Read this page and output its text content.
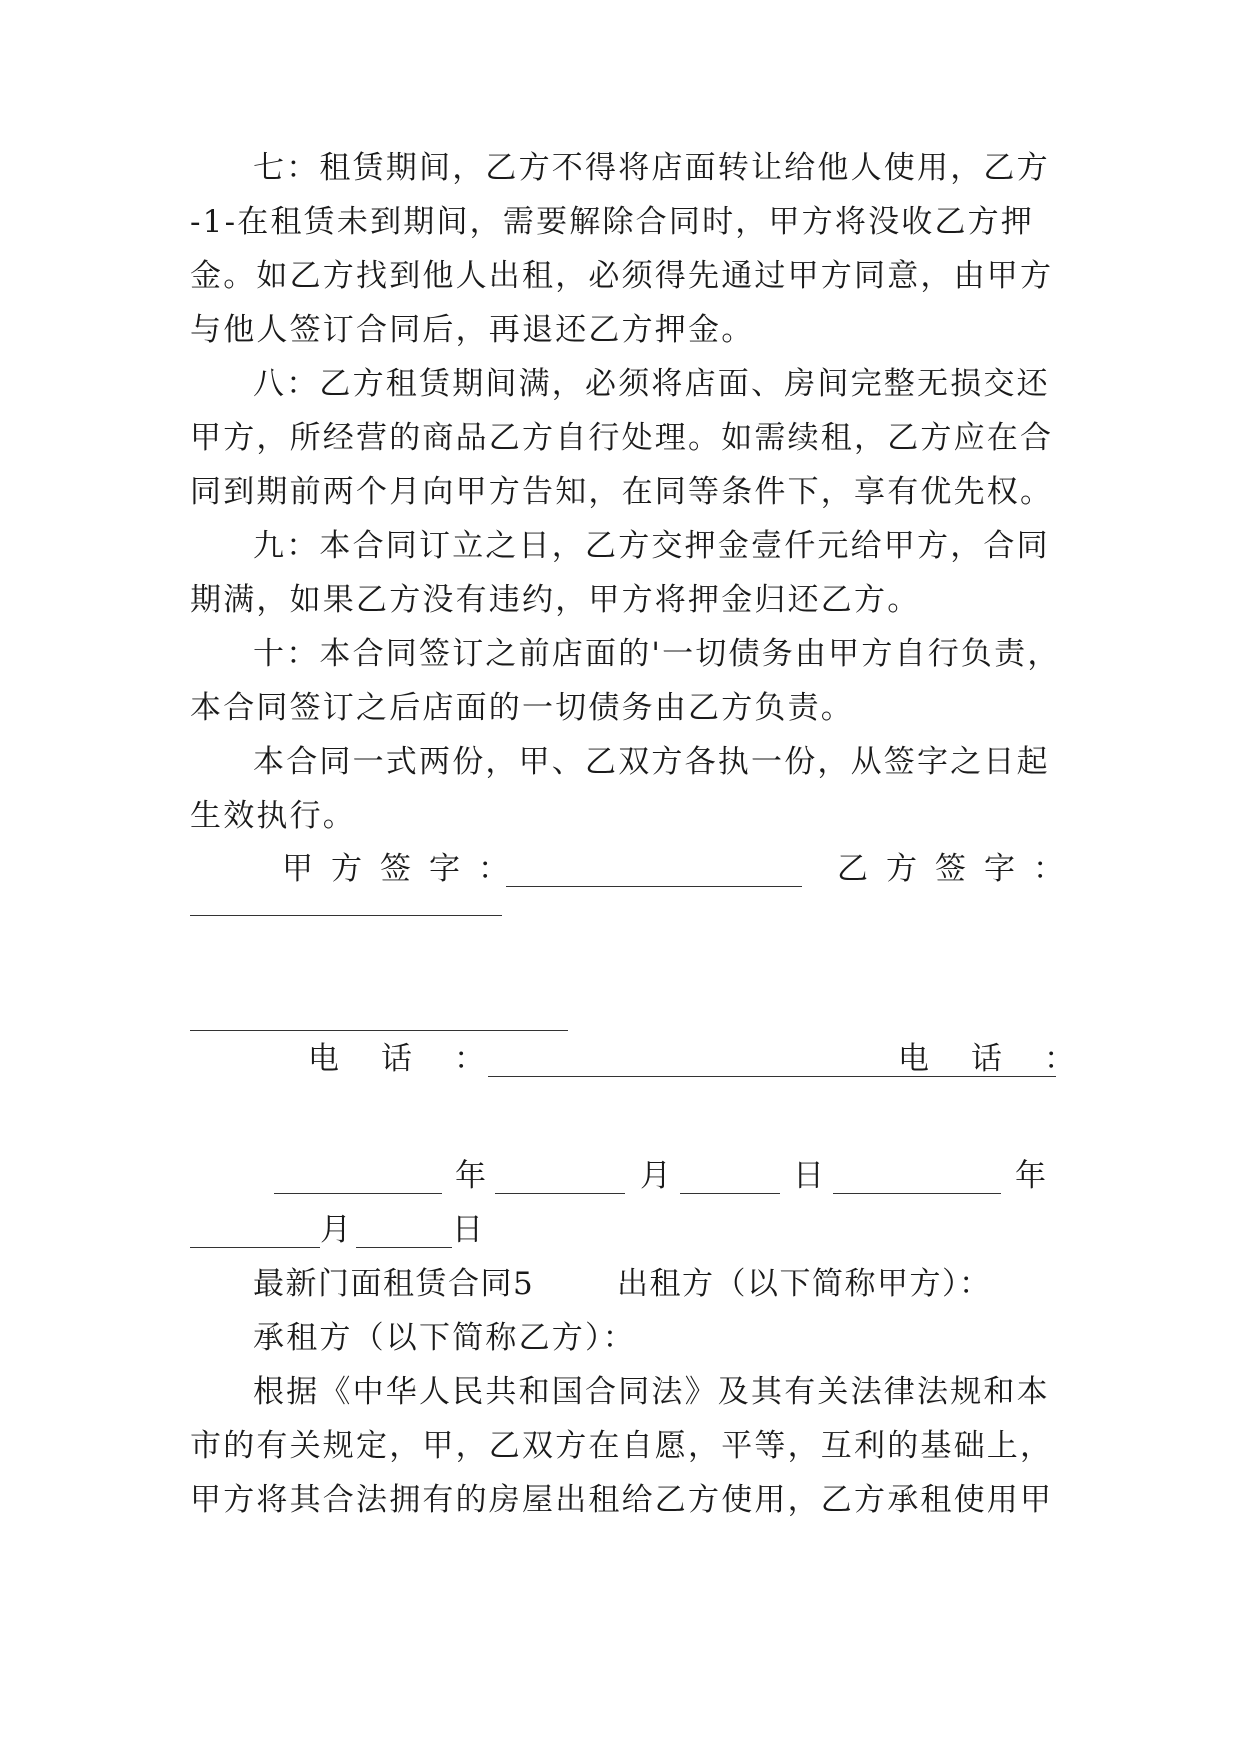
七：租赁期间，乙方不得将店面转让给他人使用，乙方
-1-在租赁未到期间，需要解除合同时，甲方将没收乙方押
金。如乙方找到他人出租，必须得先通过甲方同意，由甲方
与他人签订合同后，再退还乙方押金。
八：乙方租赁期间满，必须将店面、房间完整无损交还
甲方，所经营的商品乙方自行处理。如需续租，乙方应在合
同到期前两个月向甲方告知，在同等条件下，享有优先权。
九：本合同订立之日，乙方交押金壹仟元给甲方，合同
期满，如果乙方没有违约，甲方将押金归还乙方。
十：本合同签订之前店面的'一切债务由甲方自行负责，
本合同签订之后店面的一切债务由乙方负责。
本合同一式两份，甲、乙双方各执一份，从签字之日起
生效执行。
甲方签字：	乙方签字：
电话：	电话：
年	月	日	年
月	日
最新门面租赁合同5	出租方（以下简称甲方）：
承租方（以下简称乙方）：
根据《中华人民共和国合同法》及其有关法律法规和本
市的有关规定，甲，乙双方在自愿，平等，互利的基础上，
甲方将其合法拥有的房屋出租给乙方使用，乙方承租使用甲
